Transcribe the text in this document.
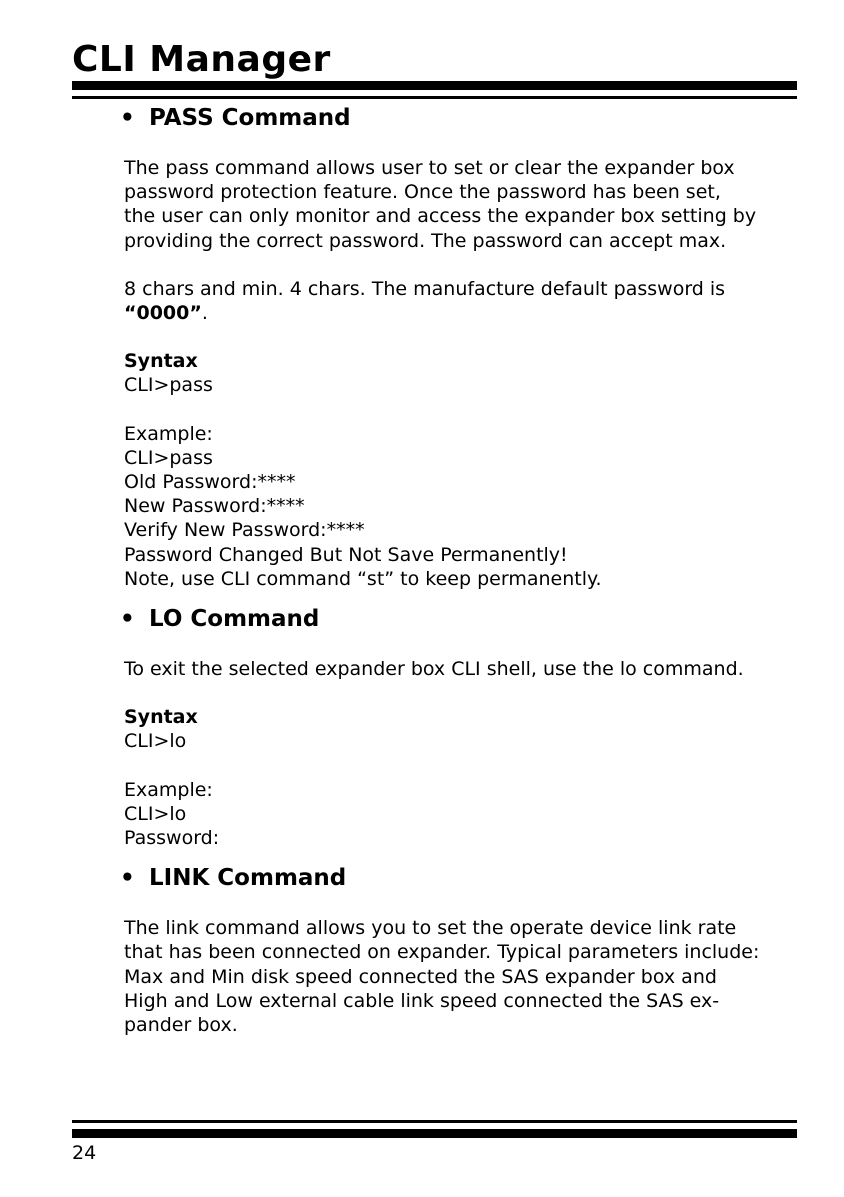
CLI Manager
• PASS Command

The pass command allows user to set or clear the expander box

password protection feature. Once the password has been set,

the user can only monitor and access the expander box setting by

providing the correct password. The password can accept max.

8 chars and min. 4 chars. The manufacture default password is

“0000”.

Syntax

CLI>pass

Example:

CLI>pass

Old Password:****

New Password:****

Verify New Password:****

Password Changed But Not Save Permanently!

Note, use CLI command “st” to keep permanently.

• LO Command

To exit the selected expander box CLI shell, use the lo command.

Syntax

CLI>lo

Example:

CLI>lo

Password:

• LINK Command

The link command allows you to set the operate device link rate

that has been connected on expander. Typical parameters include:

Max and Min disk speed connected the SAS expander box and

High and Low external cable link speed connected the SAS ex-

pander box.

24
